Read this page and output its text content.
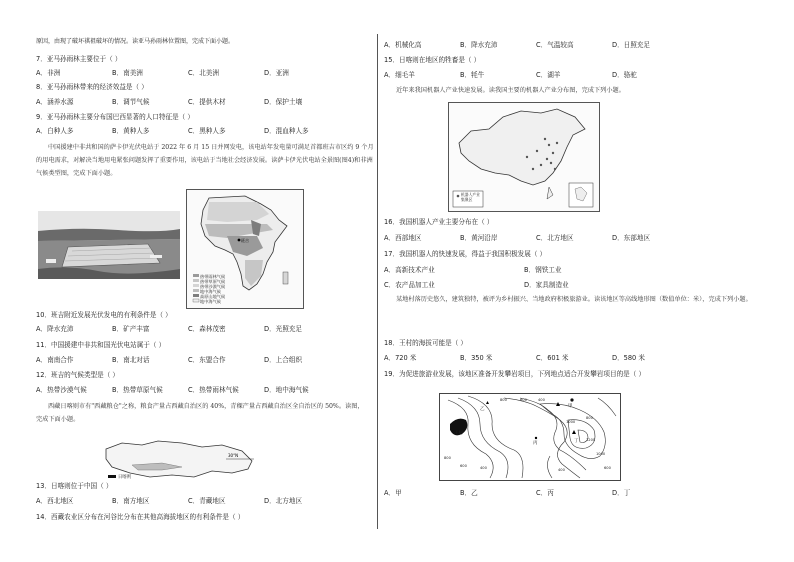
原因，由现了破坏祺祖破坏的情况。读亚马孙雨林位置图，完成下面小题。
7．亚马孙雨林主要位于（ ）
A．非洲	B．南美洲	C．北美洲	D．亚洲
8．亚马孙雨林带来的经济效益是（ ）
A．涵养水源	B．调节气候	C．提供木材	D．保护土壤
9．亚马孙雨林主要分布国巴西显著的人口特征是（ ）
A．白种人多	B．黄种人多	C．黑种人多	D．混血种人多
中国援建中非共和国的萨卡伊光伏电站于 2022 年 6 月 15 日并网发电，该电站年发电量可满足首都班吉市区约 9 个月的用电需求，对解决当地用电紧张问题发挥了重要作用，该电站于当地社会经济发展。读萨卡伊光伏电站全景图(图4)和非洲气候类型图，完成下面小题。
班吉
热带雨林气候
热带草原气候
热带沙漠气候
地中海气候
高原山地气候
地中海气候
10．班吉附近发展光伏发电的有利条件是（ ）
A．降水充沛	B．矿产丰富	C．森林茂密	D．光照充足
11．中国援建中非共和国光伏电站属于（ ）
A．南南合作	B．南北对话	C．东盟合作	D．上合组织
12．班吉的气候类型是（ ）
A．热带沙漠气候	B．热带草原气候	C．热带雨林气候	D．地中海气候
西藏日喀则市有"西藏粮仓"之称，粮食产量占西藏自治区的 40%，青稞产量占西藏自治区全自治区的 50%。读图，完成下面小题。
30°N
日喀则
13．日喀则位于中国（ ）
A．西北地区	B．南方地区	C．青藏地区	D．北方地区
14．西藏农业区分布在河谷比分布在其他高海拔地区的有利条件是（ ）
A．机械化高	B．降水充沛	C．气温较高	D．日照充足
15．日喀则在地区的牲畜是（ ）
A．细毛羊	B．牦牛	C．湖羊	D．骆驼
近年来我国机器人产业快速发展。读我国主要的机器人产业分布图，完成下列小题。
机器人产业集聚区
16．我国机器人产业主要分布在（ ）
A．西部地区	B．黄河沿岸	C．北方地区	D．东部地区
17．我国机器人的快速发展，得益于我国积极发展（ ）
A．高新技术产业	B．钢铁工业
C．农产品加工业	D．家具制造业
某地村落历史悠久，建筑独特，被评为乡村振兴、当地政府积极旅游业。读该地区等高线地形图（数值单位：米），完成下列小题。
18．王村的海拔可能是（ ）
A．720 米	B．350 米	C．601 米	D．580 米
19．为促进旅游业发展，该地区准备开发攀岩项目，下列地点适合开发攀岩项目的是（ ）
王村
甲
乙
丙	丁
800	600	400
1000
1200
1000
800
600	400
800
600
400
A．甲	B．乙	C．丙	D．丁
